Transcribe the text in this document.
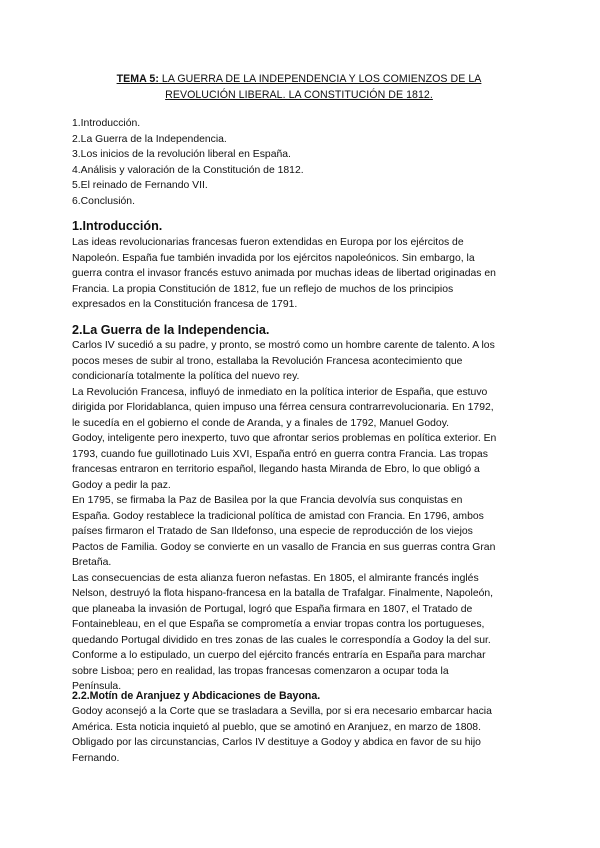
TEMA 5: LA GUERRA DE LA INDEPENDENCIA Y LOS COMIENZOS DE LA
REVOLUCIÓN LIBERAL. LA CONSTITUCIÓN DE 1812.
1.Introducción.
2.La Guerra de la Independencia.
3.Los inicios de la revolución liberal en España.
4.Análisis y valoración de la Constitución de 1812.
5.El reinado de Fernando VII.
6.Conclusión.
1.Introducción.
Las ideas revolucionarias francesas fueron extendidas en Europa por los ejércitos de
Napoleón. España fue también invadida por los ejércitos napoleónicos. Sin embargo, la
guerra contra el invasor francés estuvo animada por muchas ideas de libertad originadas en
Francia. La propia Constitución de 1812, fue un reflejo de muchos de los principios
expresados en la Constitución francesa de 1791.
2.La Guerra de la Independencia.
Carlos IV sucedió a su padre, y pronto, se mostró como un hombre carente de talento. A los
pocos meses de subir al trono, estallaba la Revolución Francesa acontecimiento que
condicionaría totalmente la política del nuevo rey.
La Revolución Francesa, influyó de inmediato en la política interior de España, que estuvo
dirigida por Floridablanca, quien impuso una férrea censura contrarrevolucionaria. En 1792,
le sucedía en el gobierno el conde de Aranda, y a finales de 1792, Manuel Godoy.
Godoy, inteligente pero inexperto, tuvo que afrontar serios problemas en política exterior. En
1793, cuando fue guillotinado Luis XVI, España entró en guerra contra Francia. Las tropas
francesas entraron en territorio español, llegando hasta Miranda de Ebro, lo que obligó a
Godoy a pedir la paz.
En 1795, se firmaba la Paz de Basilea por la que Francia devolvía sus conquistas en
España. Godoy restablece la tradicional política de amistad con Francia. En 1796, ambos
países firmaron el Tratado de San Ildefonso, una especie de reproducción de los viejos
Pactos de Familia. Godoy se convierte en un vasallo de Francia en sus guerras contra Gran
Bretaña.
Las consecuencias de esta alianza fueron nefastas. En 1805, el almirante francés inglés
Nelson, destruyó la flota hispano-francesa en la batalla de Trafalgar. Finalmente, Napoleón,
que planeaba la invasión de Portugal, logró que España firmara en 1807, el Tratado de
Fontainebleau, en el que España se comprometía a enviar tropas contra los portugueses,
quedando Portugal dividido en tres zonas de las cuales le correspondía a Godoy la del sur.
Conforme a lo estipulado, un cuerpo del ejército francés entraría en España para marchar
sobre Lisboa; pero en realidad, las tropas francesas comenzaron a ocupar toda la
Península.
2.2.Motín de Aranjuez y Abdicaciones de Bayona.
Godoy aconsejó a la Corte que se trasladara a Sevilla, por si era necesario embarcar hacia
América. Esta noticia inquietó al pueblo, que se amotinó en Aranjuez, en marzo de 1808.
Obligado por las circunstancias, Carlos IV destituye a Godoy y abdica en favor de su hijo
Fernando.
